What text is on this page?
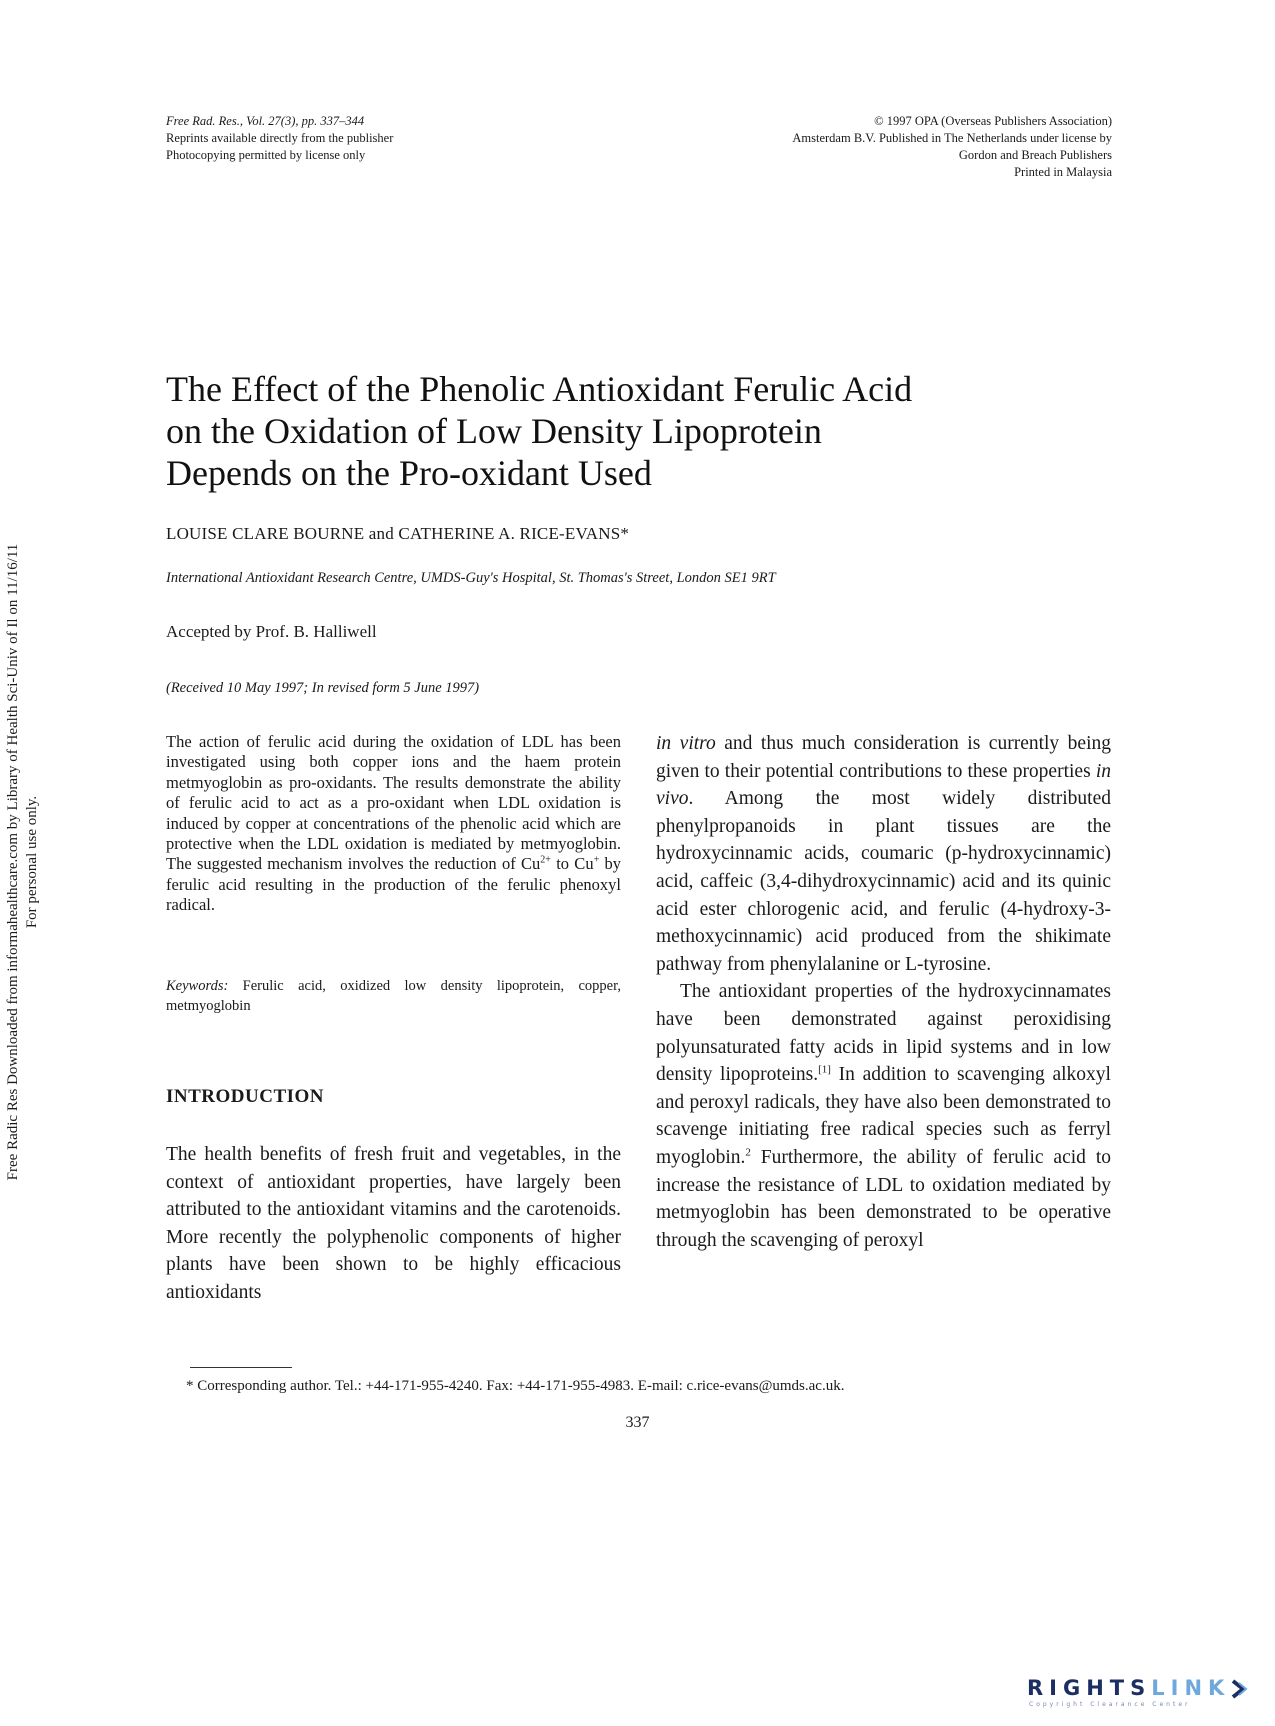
Free Rad. Res., Vol. 27(3), pp. 337–344
Reprints available directly from the publisher
Photocopying permitted by license only
© 1997 OPA (Overseas Publishers Association)
Amsterdam B.V. Published in The Netherlands under license by
Gordon and Breach Publishers
Printed in Malaysia
The Effect of the Phenolic Antioxidant Ferulic Acid
on the Oxidation of Low Density Lipoprotein
Depends on the Pro-oxidant Used
LOUISE CLARE BOURNE and CATHERINE A. RICE-EVANS*
International Antioxidant Research Centre, UMDS-Guy's Hospital, St. Thomas's Street, London SE1 9RT
Accepted by Prof. B. Halliwell
(Received 10 May 1997; In revised form 5 June 1997)
The action of ferulic acid during the oxidation of LDL has been investigated using both copper ions and the haem protein metmyoglobin as pro-oxidants. The results demonstrate the ability of ferulic acid to act as a pro-oxidant when LDL oxidation is induced by copper at concentrations of the phenolic acid which are protective when the LDL oxidation is mediated by metmyoglobin. The suggested mechanism involves the reduction of $Cu^{2+}$ to Cu+ by ferulic acid resulting in the production of the ferulic phenoxyl radical.
Keywords: Ferulic acid, oxidized low density lipoprotein, copper, metmyoglobin
INTRODUCTION
The health benefits of fresh fruit and vegetables, in the context of antioxidant properties, have largely been attributed to the antioxidant vitamins and the carotenoids. More recently the polyphenolic components of higher plants have been shown to be highly efficacious antioxidants

in vitro and thus much consideration is currently being given to their potential contributions to these properties in vivo. Among the most widely distributed phenylpropanoids in plant tissues are the hydroxycinnamic acids, coumaric (p-hydroxycinnamic) acid, caffeic (3,4-dihydroxycinnamic) acid and its quinic acid ester chlorogenic acid, and ferulic (4-hydroxy-3-methoxycinnamic) acid produced from the shikimate pathway from phenylalanine or L-tyrosine.

The antioxidant properties of the hydroxycinnamates have been demonstrated against peroxidising polyunsaturated fatty acids in lipid systems and in low density lipoproteins.[1] In addition to scavenging alkoxyl and peroxyl radicals, they have also been demonstrated to scavenge initiating free radical species such as ferryl myoglobin.$^2$ Furthermore, the ability of ferulic acid to increase the resistance of LDL to oxidation mediated by metmyoglobin has been demonstrated to be operative through the scavenging of peroxyl

* Corresponding author. Tel.: +44-171-955-4240. Fax: +44-171-955-4983. E-mail: c.rice-evans@umds.ac.uk.
337
Free Radic Res Downloaded from informahealthcare.com by Library of Health Sci-Univ of Il on 11/16/11 For personal use only.
RIGHTSLINK
Copyright Clearance Center
